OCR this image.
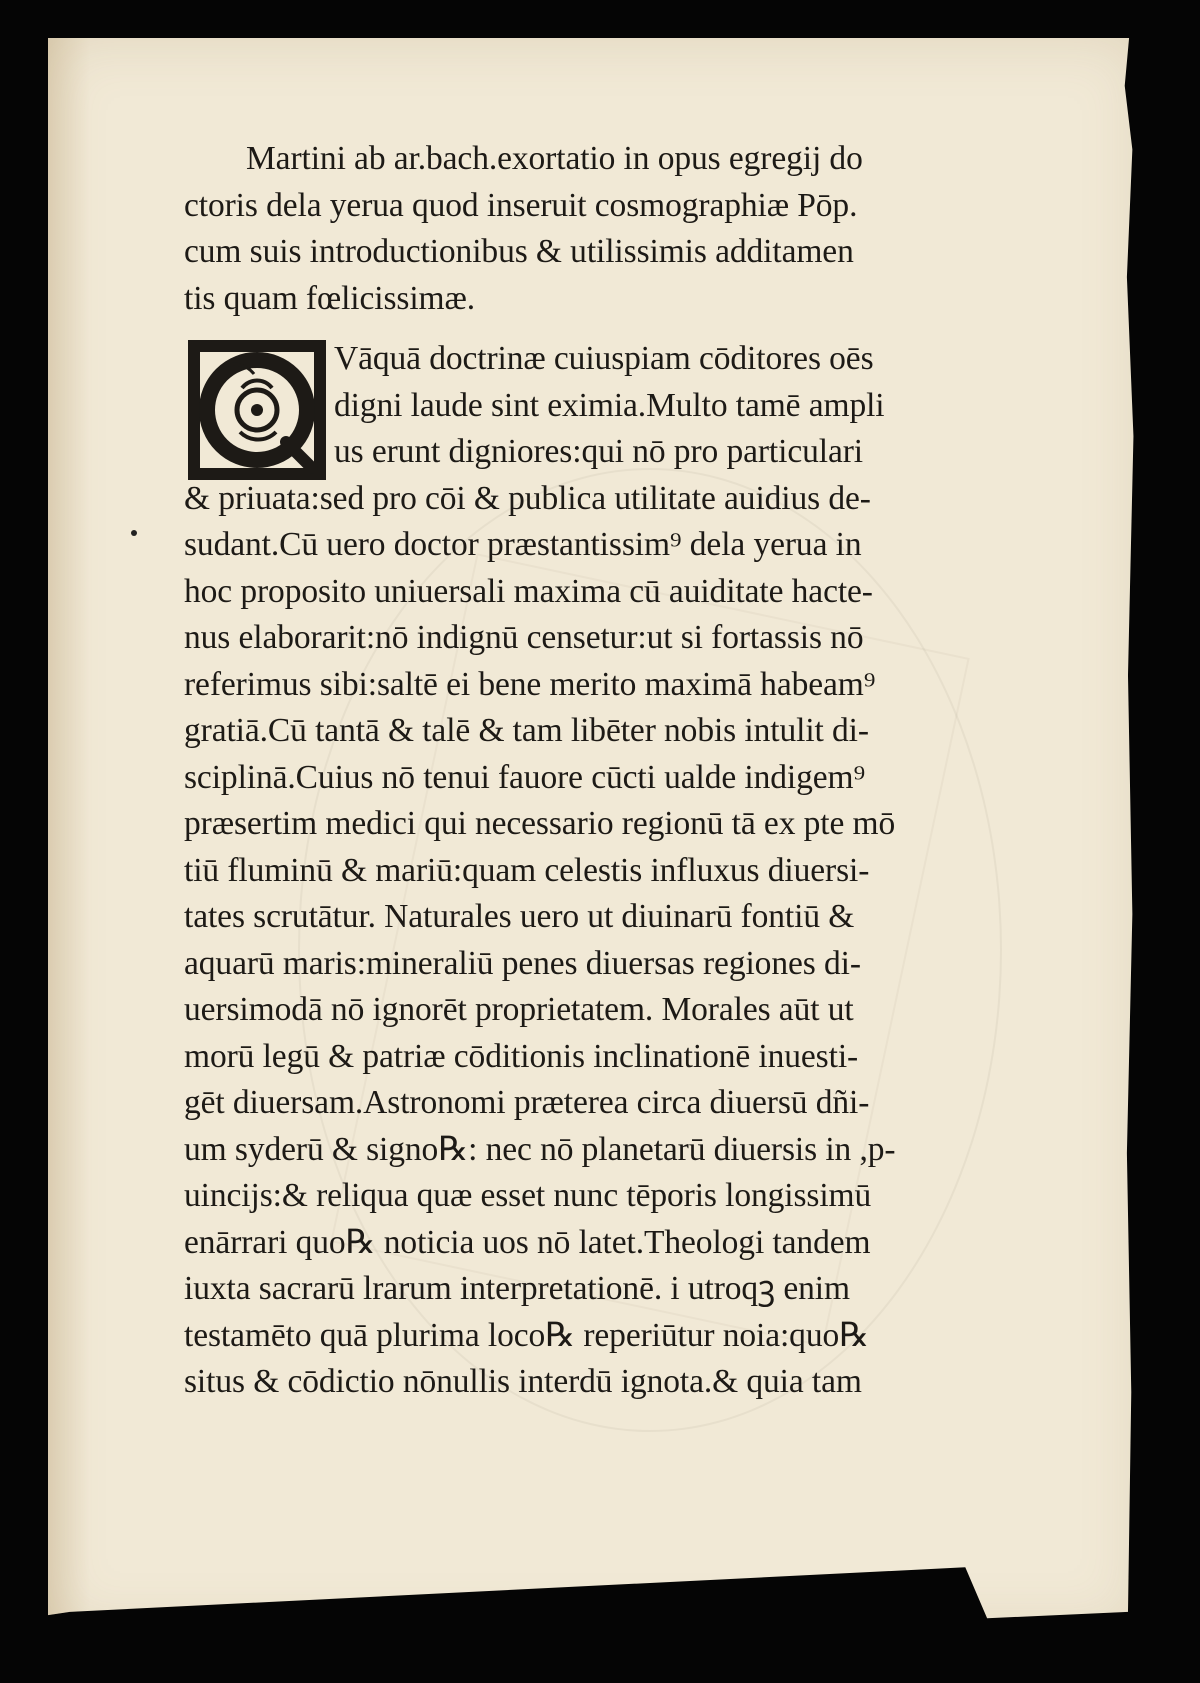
Martini ab ar.bach.exortatio in opus egregij do
ctoris dela yerua quod inseruit cosmographiæ Pōp.
cum suis introductionibus & utilissimis additamen
tis quam fœlicissimæ.
Vāquā doctrinæ cuiuspiam cōditores oēs
digni laude sint eximia.Multo tamē ampli
us erunt digniores:qui nō pro particulari
& priuata:sed pro cōi & publica utilitate auidius de-
sudant.Cū uero doctor præstantissim⁹ dela yerua in
hoc proposito uniuersali maxima cū auiditate hacte-
nus elaborarit:nō indignū censetur:ut si fortassis nō
referimus sibi:saltē ei bene merito maximā habeam⁹
gratiā.Cū tantā & talē & tam libēter nobis intulit di-
sciplinā.Cuius nō tenui fauore cūcti ualde indigem⁹
præsertim medici qui necessario regionū tā ex pte mō
tiū fluminū & mariū:quam celestis influxus diuersi-
tates scrutātur. Naturales uero ut diuinarū fontiū &
aquarū maris:mineraliū penes diuersas regiones di-
uersimodā nō ignorēt proprietatem. Morales aūt ut
morū legū & patriæ cōditionis inclinationē inuesti-
gēt diuersam.Astronomi præterea circa diuersū dñi-
um syderū & signo℞: nec nō planetarū diuersis in ,p-
uincijs:& reliqua quæ esset nunc tēporis longissimū
enārrari quo℞ noticia uos nō latet.Theologi tandem
iuxta sacrarū lrarum interpretationē. i utroqꝫ enim
testamēto quā plurima loco℞ reperiūtur noia:quo℞
situs & cōdictio nōnullis interdū ignota.& quia tam
